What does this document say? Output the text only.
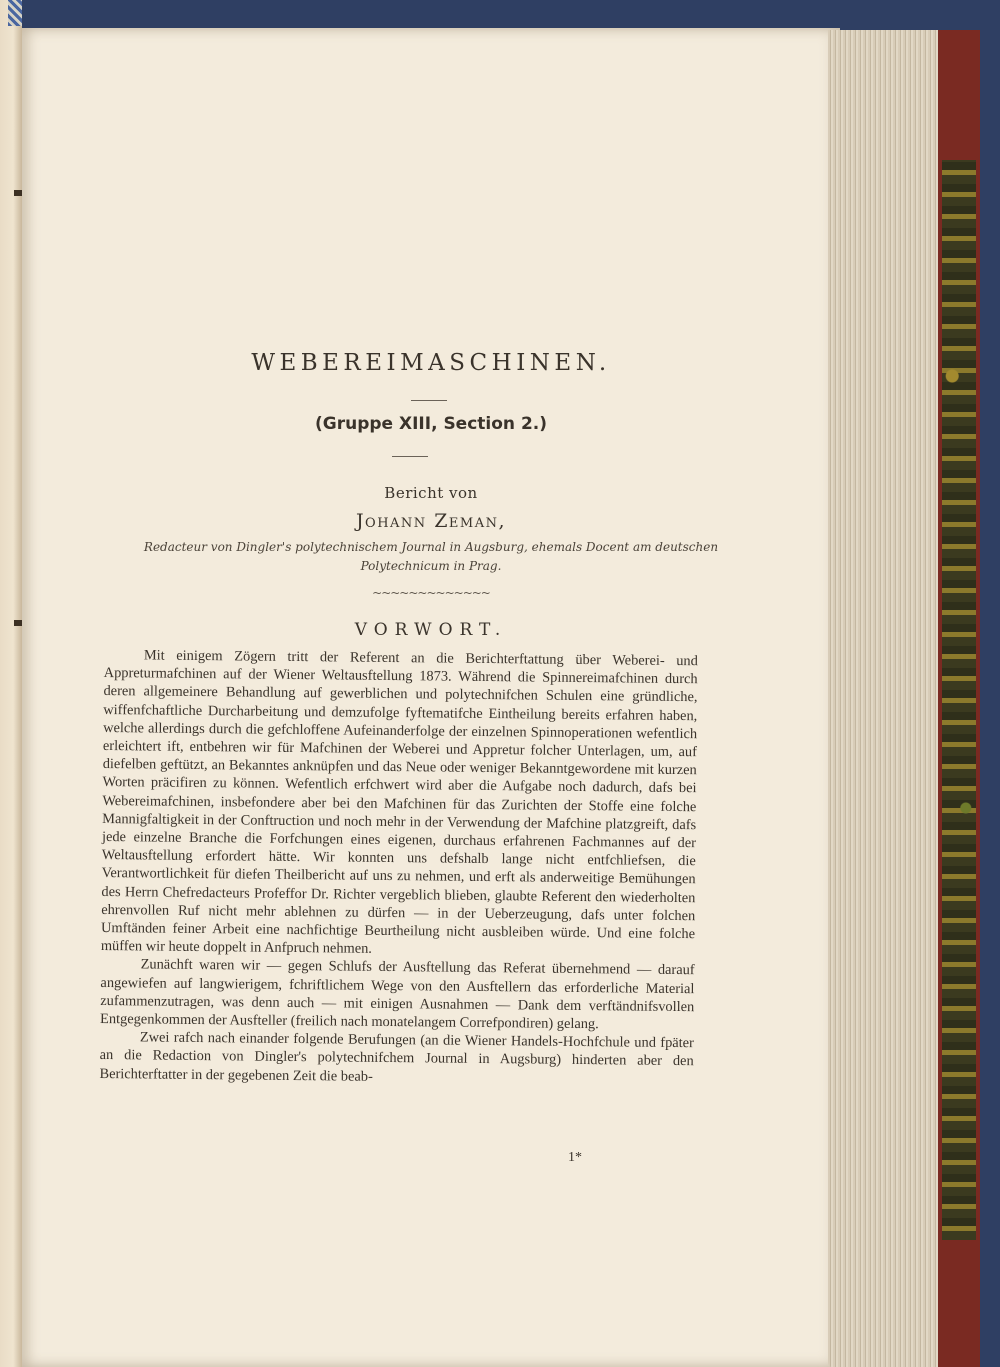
WEBEREIMASCHINEN.
(Gruppe XIII, Section 2.)
Bericht von
Johann Zeman,
Redacteur von Dingler's polytechnischem Journal in Augsburg, ehemals Docent am deutschen
Polytechnicum in Prag.
~~~~~~~~~~~~~
VORWORT.

Mit einigem Zögern tritt der Referent an die Berichterftattung über Weberei- und Appreturmafchinen auf der Wiener Weltausftellung 1873. Während die Spinnereimafchinen durch deren allgemeinere Behandlung auf gewerblichen und polytechnifchen Schulen eine gründliche, wiffenfchaftliche Durcharbeitung und demzufolge fyftematifche Eintheilung bereits erfahren haben, welche allerdings durch die gefchloffene Aufeinanderfolge der einzelnen Spinnoperationen wefentlich erleichtert ift, entbehren wir für Mafchinen der Weberei und Appretur folcher Unterlagen, um, auf diefelben geftützt, an Bekanntes anknüpfen und das Neue oder weniger Bekanntgewordene mit kurzen Worten präcifiren zu können. Wefentlich erfchwert wird aber die Aufgabe noch dadurch, dafs bei Webereimafchinen, insbefondere aber bei den Mafchinen für das Zurichten der Stoffe eine folche Mannigfaltigkeit in der Conftruction und noch mehr in der Verwendung der Mafchine platzgreift, dafs jede einzelne Branche die Forfchungen eines eigenen, durchaus erfahrenen Fachmannes auf der Weltausftellung erfordert hätte. Wir konnten uns defshalb lange nicht entfchliefsen, die Verantwortlichkeit für diefen Theilbericht auf uns zu nehmen, und erft als anderweitige Bemühungen des Herrn Chefredacteurs Profeffor Dr. Richter vergeblich blieben, glaubte Referent den wiederholten ehrenvollen Ruf nicht mehr ablehnen zu dürfen — in der Ueberzeugung, dafs unter folchen Umftänden feiner Arbeit eine nachfichtige Beurtheilung nicht ausbleiben würde. Und eine folche müffen wir heute doppelt in Anfpruch nehmen.

Zunächft waren wir — gegen Schlufs der Ausftellung das Referat übernehmend — darauf angewiefen auf langwierigem, fchriftlichem Wege von den Ausftellern das erforderliche Material zufammenzutragen, was denn auch — mit einigen Ausnahmen — Dank dem verftändnifsvollen Entgegenkommen der Ausfteller (freilich nach monatelangem Correfpondiren) gelang.

Zwei rafch nach einander folgende Berufungen (an die Wiener Handels-Hochfchule und fpäter an die Redaction von Dingler's polytechnifchem Journal in Augsburg) hinderten aber den Berichterftatter in der gegebenen Zeit die beab-

1*
